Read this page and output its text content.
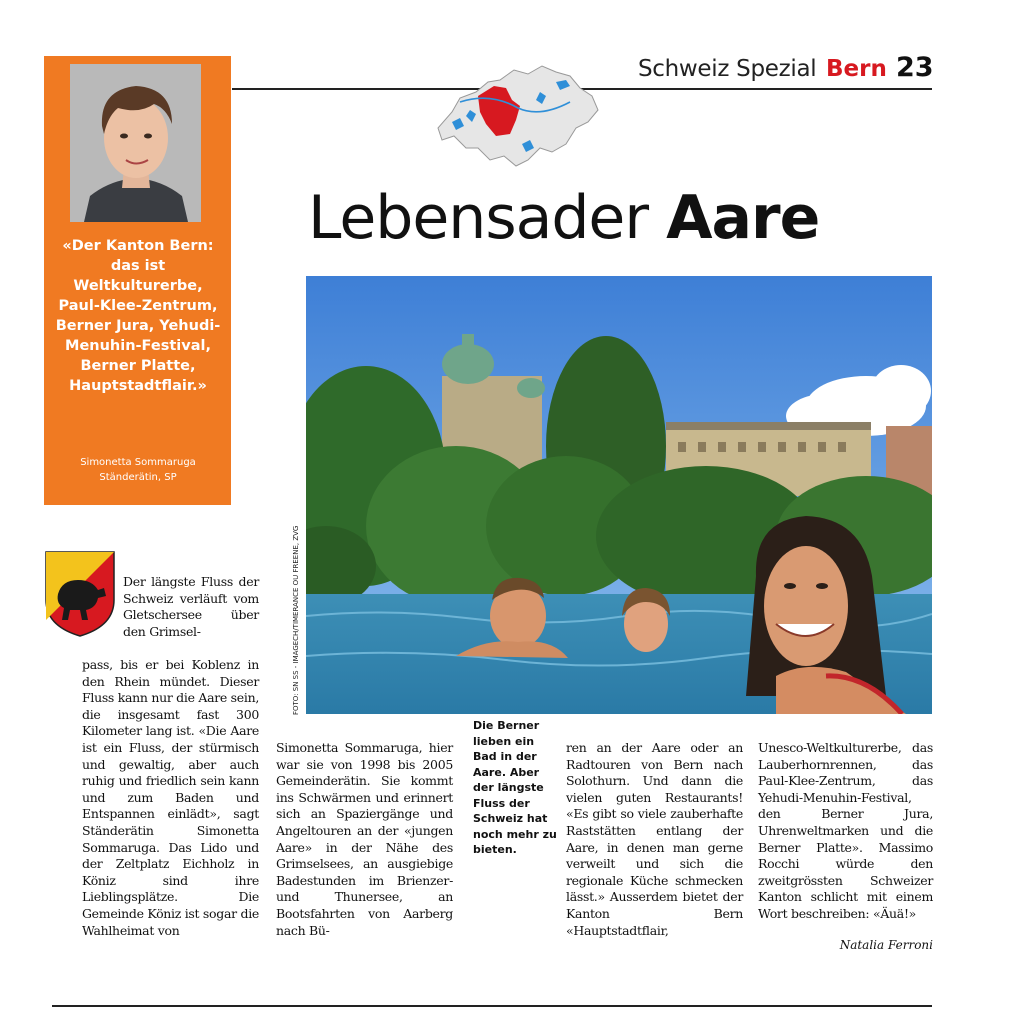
Schweiz Spezial Bern 23
Lebensader Aare
«Der Kanton Bern: das ist Weltkulturerbe, Paul-Klee-Zentrum, Berner Jura, Yehudi-Menuhin-Festival, Berner Platte, Hauptstadtflair.»
Simonetta Sommaruga
Ständerätin, SP
FOTO: SN SS - IMAGECH/TIMERANCE OU FREENE, ZVG
Die Berner lieben ein Bad in der Aare. Aber der längste Fluss der Schweiz hat noch mehr zu bieten.
Der längste Fluss der Schweiz verläuft vom Gletschersee über den Grimsel-
pass, bis er bei Koblenz in den Rhein mündet. Dieser Fluss kann nur die Aare sein, die insgesamt fast 300 Kilometer lang ist. «Die Aare ist ein Fluss, der stürmisch und gewaltig, aber auch ruhig und friedlich sein kann und zum Baden und Entspannen einlädt», sagt Ständerätin Simonetta Sommaruga. Das Lido und der Zeltplatz Eichholz in Köniz sind ihre Lieblingsplätze. Die Gemeinde Köniz ist sogar die Wahlheimat von
Simonetta Sommaruga, hier war sie von 1998 bis 2005 Gemeinderätin. Sie kommt ins Schwärmen und erinnert sich an Spaziergänge und Angeltouren an der «jungen Aare» in der Nähe des Grimselsees, an ausgiebige Badestunden im Brienzer- und Thunersee, an Bootsfahrten von Aarberg nach Bü-
ren an der Aare oder an Radtouren von Bern nach Solothurn. Und dann die vielen guten Restaurants! «Es gibt so viele zauberhafte Raststätten entlang der Aare, in denen man gerne verweilt und sich die regionale Küche schmecken lässt.» Ausserdem bietet der Kanton Bern «Hauptstadtflair,
Unesco-Weltkulturerbe, das Lauberhornrennen, das Paul-Klee-Zentrum, das Yehudi-Menuhin-Festival, den Berner Jura, Uhrenweltmarken und die Berner Platte». Massimo Rocchi würde den zweitgrössten Schweizer Kanton schlicht mit einem Wort beschreiben: «Äuä!»
Natalia Ferroni
